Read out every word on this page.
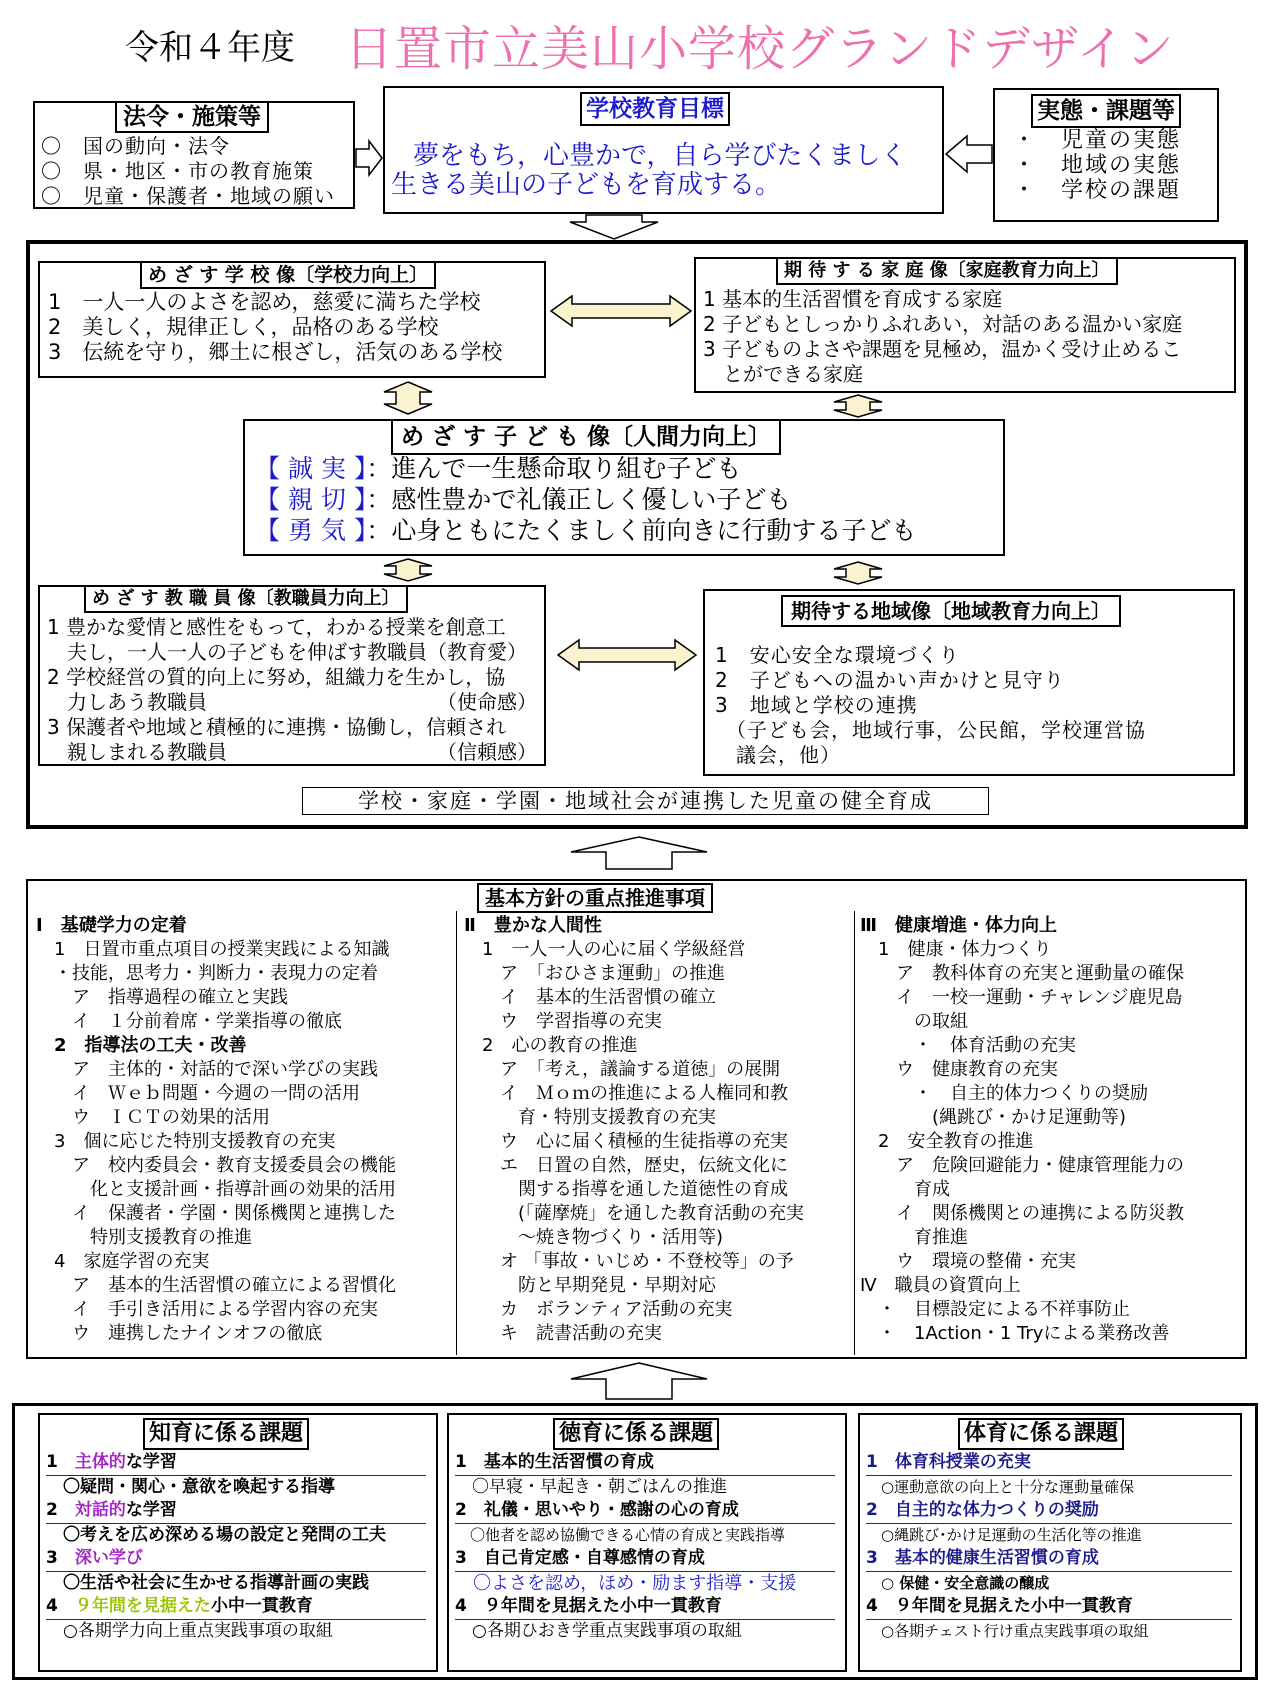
令和４年度 日置市立美山小学校グランドデザイン
法令・施策等
〇　国の動向・法令
〇　県・地区・市の教育施策
〇　児童・保護者・地域の願い
学校教育目標
夢をもち，心豊かで，自ら学びたくましく
生きる美山の子どもを育成する。
実態・課題等
・　児童の実態
・　地域の実態
・　学校の課題
め ざ す 学 校 像〔学校力向上〕
1　一人一人のよさを認め，慈愛に満ちた学校
2　美しく，規律正しく，品格のある学校
3　伝統を守り，郷土に根ざし，活気のある学校
期 待 す る 家 庭 像〔家庭教育力向上〕
1 基本的生活習慣を育成する家庭
2 子どもとしっかりふれあい，対話のある温かい家庭
3 子どものよさや課題を見極め，温かく受け止めるこ
　とができる家庭
め ざ す 子 ど も 像〔人間力向上〕
【 誠 実 】：進んで一生懸命取り組む子ども
【 親 切 】：感性豊かで礼儀正しく優しい子ども
【 勇 気 】：心身ともにたくましく前向きに行動する子ども
め ざ す 教 職 員 像〔教職員力向上〕
1 豊かな愛情と感性をもって，わかる授業を創意工
　夫し，一人一人の子どもを伸ばす教職員（教育愛）
2 学校経営の質的向上に努め，組織力を生かし，協
　力しあう教職員　　　　　　　　　　　　（使命感）
3 保護者や地域と積極的に連携・協働し，信頼され
　親しまれる教職員　　　　　　　　　　　（信頼感）
期待する地域像〔地域教育力向上〕
1　安心安全な環境づくり
2　子どもへの温かい声かけと見守り
3　地域と学校の連携
　（子ども会，地域行事，公民館，学校運営協
　議会，他）
学校・家庭・学園・地域社会が連携した児童の健全育成
基本方針の重点推進事項
Ⅰ　基礎学力の定着
　1　日置市重点項目の授業実践による知識
　・技能，思考力・判断力・表現力の定着
　　ア　指導過程の確立と実践
　　イ　１分前着席・学業指導の徹底
　2　指導法の工夫・改善
　　ア　主体的・対話的で深い学びの実践
　　イ　Ｗｅｂ問題・今週の一問の活用
　　ウ　ＩＣＴの効果的活用
　3　個に応じた特別支援教育の充実
　　ア　校内委員会・教育支援委員会の機能
　　　化と支援計画・指導計画の効果的活用
　　イ　保護者・学園・関係機関と連携した
　　　特別支援教育の推進
　4　家庭学習の充実
　　ア　基本的生活習慣の確立による習慣化
　　イ　手引き活用による学習内容の充実
　　ウ　連携したナインオフの徹底
Ⅱ　豊かな人間性
　1　一人一人の心に届く学級経営
　　ア　「おひさま運動」の推進
　　イ　基本的生活習慣の確立
　　ウ　学習指導の充実
　2　心の教育の推進
　　ア　「考え，議論する道徳」の展開
　　イ　Ｍｏｍの推進による人権同和教
　　　育・特別支援教育の充実
　　ウ　心に届く積極的生徒指導の充実
　　エ　日置の自然，歴史，伝統文化に
　　　関する指導を通した道徳性の育成
　　　(「薩摩焼」を通した教育活動の充実
　　　～焼き物づくり・活用等)
　　オ 「事故・いじめ・不登校等」の予
　　　防と早期発見・早期対応
　　カ　ボランティア活動の充実
　　キ　読書活動の充実
Ⅲ　健康増進・体力向上
　1　健康・体力つくり
　　ア　教科体育の充実と運動量の確保
　　イ　一校一運動・チャレンジ鹿児島
　　　の取組
　　　・　体育活動の充実
　　ウ　健康教育の充実
　　　・　自主的体力つくりの奨励
　　　　(縄跳び・かけ足運動等)
　2　安全教育の推進
　　ア　危険回避能力・健康管理能力の
　　　育成
　　イ　関係機関との連携による防災教
　　　育推進
　　ウ　環境の整備・充実
Ⅳ　職員の資質向上
　・　目標設定による不祥事防止
　・　1Action・1 Tryによる業務改善
知育に係る課題
1　主体的な学習
　〇疑問・関心・意欲を喚起する指導
2　対話的な学習
　〇考えを広め深める場の設定と発問の工夫
3　深い学び
　〇生活や社会に生かせる指導計画の実践
4　９年間を見据えた小中一貫教育
　○各期学力向上重点実践事項の取組
徳育に係る課題
1　基本的生活習慣の育成
　〇早寝・早起き・朝ごはんの推進
2　礼儀・思いやり・感謝の心の育成
　〇他者を認め協働できる心情の育成と実践指導
3　自己肯定感・自尊感情の育成
　〇よさを認め，ほめ・励ます指導・支援
4　９年間を見据えた小中一貫教育
　○各期ひおき学重点実践事項の取組
体育に係る課題
1　体育科授業の充実
　○運動意欲の向上と十分な運動量確保
2　自主的な体力つくりの奨励
　○縄跳び･かけ足運動の生活化等の推進
3　基本的健康生活習慣の育成
　○ 保健・安全意識の醸成
4　９年間を見据えた小中一貫教育
　○各期チェスト行け重点実践事項の取組
